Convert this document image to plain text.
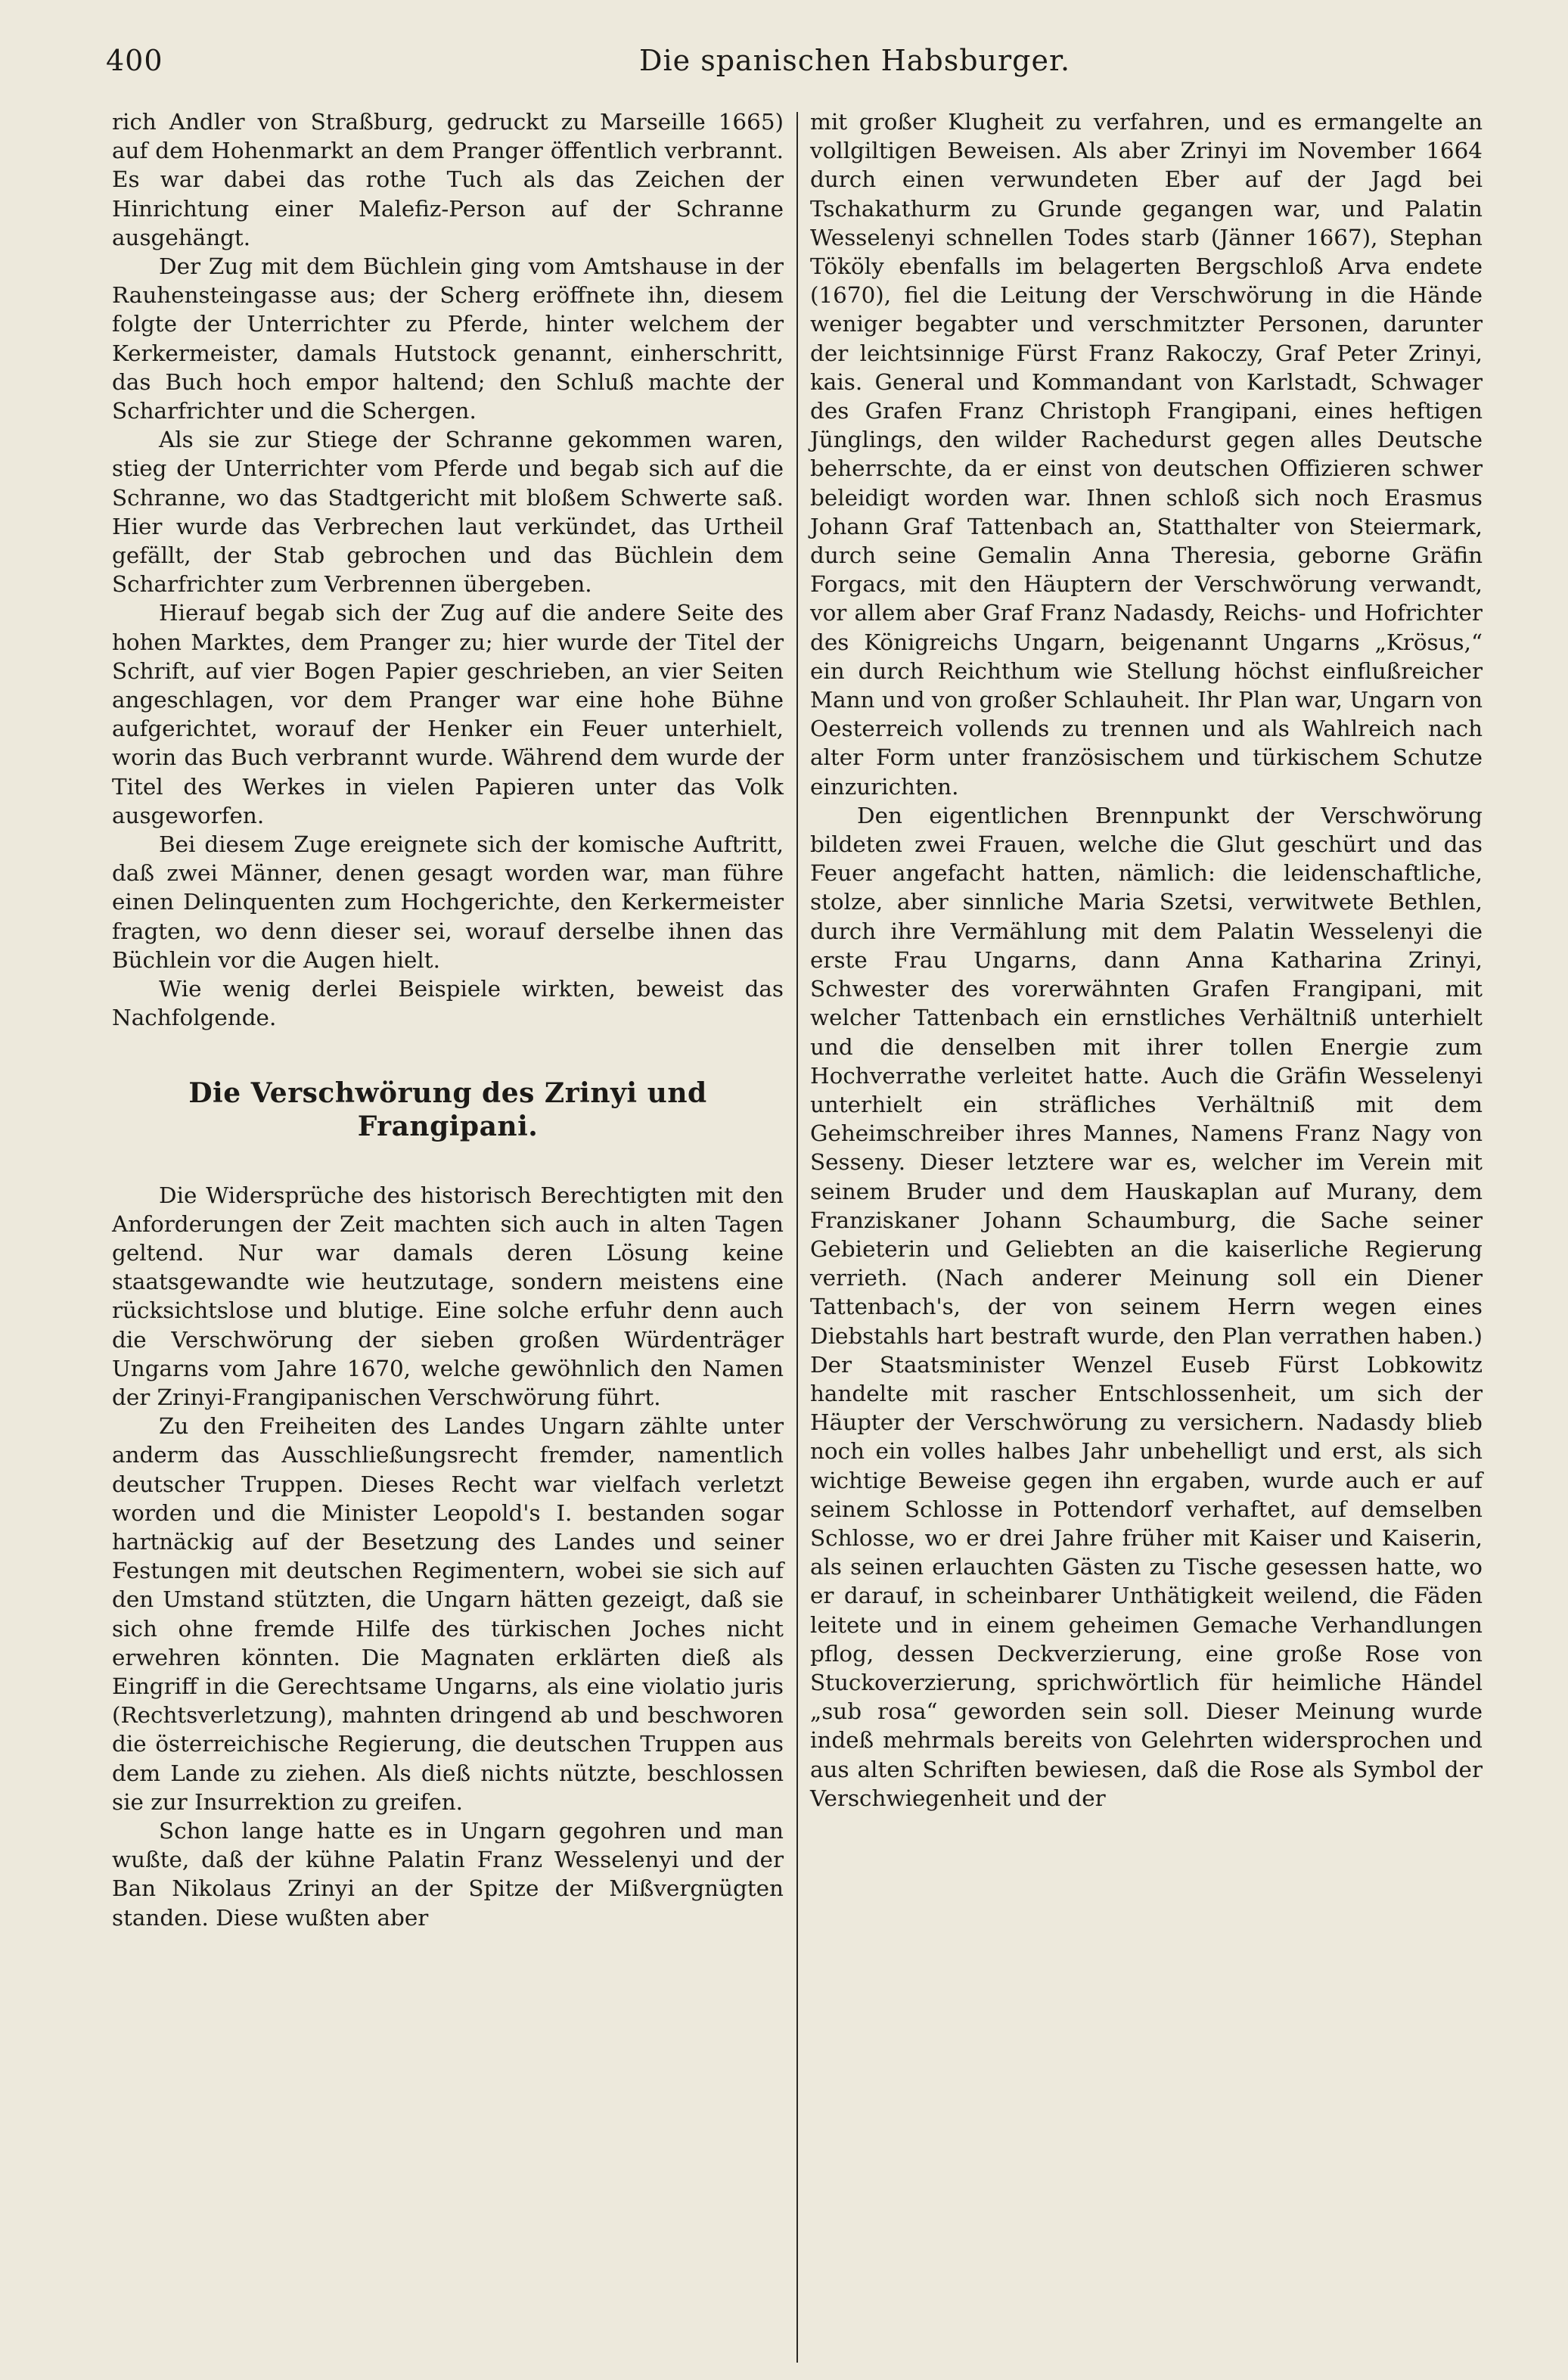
400	Die spanischen Habsburger.

rich Andler von Straßburg, gedruckt zu Marseille 1665) auf dem Hohenmarkt an dem Pranger öffentlich verbrannt. Es war dabei das rothe Tuch als das Zeichen der Hinrichtung einer Malefiz-Person auf der Schranne ausgehängt.

Der Zug mit dem Büchlein ging vom Amtshause in der Rauhensteingasse aus; der Scherg eröffnete ihn, diesem folgte der Unterrichter zu Pferde, hinter welchem der Kerkermeister, damals Hutstock genannt, einherschritt, das Buch hoch empor haltend; den Schluß machte der Scharfrichter und die Schergen.

Als sie zur Stiege der Schranne gekommen waren, stieg der Unterrichter vom Pferde und begab sich auf die Schranne, wo das Stadtgericht mit bloßem Schwerte saß. Hier wurde das Verbrechen laut verkündet, das Urtheil gefällt, der Stab gebrochen und das Büchlein dem Scharfrichter zum Verbrennen übergeben.

Hierauf begab sich der Zug auf die andere Seite des hohen Marktes, dem Pranger zu; hier wurde der Titel der Schrift, auf vier Bogen Papier geschrieben, an vier Seiten angeschlagen, vor dem Pranger war eine hohe Bühne aufgerichtet, worauf der Henker ein Feuer unterhielt, worin das Buch verbrannt wurde. Während dem wurde der Titel des Werkes in vielen Papieren unter das Volk ausgeworfen.

Bei diesem Zuge ereignete sich der komische Auftritt, daß zwei Männer, denen gesagt worden war, man führe einen Delinquenten zum Hochgerichte, den Kerkermeister fragten, wo denn dieser sei, worauf derselbe ihnen das Büchlein vor die Augen hielt.

Wie wenig derlei Beispiele wirkten, beweist das Nachfolgende.

Die Verschwörung des Zrinyi und Frangipani.

Die Widersprüche des historisch Berechtigten mit den Anforderungen der Zeit machten sich auch in alten Tagen geltend. Nur war damals deren Lösung keine staatsgewandte wie heutzutage, sondern meistens eine rücksichtslose und blutige. Eine solche erfuhr denn auch die Verschwörung der sieben großen Würdenträger Ungarns vom Jahre 1670, welche gewöhnlich den Namen der Zrinyi-Frangipanischen Verschwörung führt.

Zu den Freiheiten des Landes Ungarn zählte unter anderm das Ausschließungsrecht fremder, namentlich deutscher Truppen. Dieses Recht war vielfach verletzt worden und die Minister Leopold's I. bestanden sogar hartnäckig auf der Besetzung des Landes und seiner Festungen mit deutschen Regimentern, wobei sie sich auf den Umstand stützten, die Ungarn hätten gezeigt, daß sie sich ohne fremde Hilfe des türkischen Joches nicht erwehren könnten. Die Magnaten erklärten dieß als Eingriff in die Gerechtsame Ungarns, als eine violatio juris (Rechtsverletzung), mahnten dringend ab und beschworen die österreichische Regierung, die deutschen Truppen aus dem Lande zu ziehen. Als dieß nichts nützte, beschlossen sie zur Insurrektion zu greifen.

Schon lange hatte es in Ungarn gegohren und man wußte, daß der kühne Palatin Franz Wesselenyi und der Ban Nikolaus Zrinyi an der Spitze der Mißvergnügten standen. Diese wußten aber

mit großer Klugheit zu verfahren, und es ermangelte an vollgiltigen Beweisen. Als aber Zrinyi im November 1664 durch einen verwundeten Eber auf der Jagd bei Tschakathurm zu Grunde gegangen war, und Palatin Wesselenyi schnellen Todes starb (Jänner 1667), Stephan Tököly ebenfalls im belagerten Bergschloß Arva endete (1670), fiel die Leitung der Verschwörung in die Hände weniger begabter und verschmitzter Personen, darunter der leichtsinnige Fürst Franz Rakoczy, Graf Peter Zrinyi, kais. General und Kommandant von Karlstadt, Schwager des Grafen Franz Christoph Frangipani, eines heftigen Jünglings, den wilder Rachedurst gegen alles Deutsche beherrschte, da er einst von deutschen Offizieren schwer beleidigt worden war. Ihnen schloß sich noch Erasmus Johann Graf Tattenbach an, Statthalter von Steiermark, durch seine Gemalin Anna Theresia, geborne Gräfin Forgacs, mit den Häuptern der Verschwörung verwandt, vor allem aber Graf Franz Nadasdy, Reichs- und Hofrichter des Königreichs Ungarn, beigenannt Ungarns „Krösus,“ ein durch Reichthum wie Stellung höchst einflußreicher Mann und von großer Schlauheit. Ihr Plan war, Ungarn von Oesterreich vollends zu trennen und als Wahlreich nach alter Form unter französischem und türkischem Schutze einzurichten.

Den eigentlichen Brennpunkt der Verschwörung bildeten zwei Frauen, welche die Glut geschürt und das Feuer angefacht hatten, nämlich: die leidenschaftliche, stolze, aber sinnliche Maria Szetsi, verwitwete Bethlen, durch ihre Vermählung mit dem Palatin Wesselenyi die erste Frau Ungarns, dann Anna Katharina Zrinyi, Schwester des vorerwähnten Grafen Frangipani, mit welcher Tattenbach ein ernstliches Verhältniß unterhielt und die denselben mit ihrer tollen Energie zum Hochverrathe verleitet hatte. Auch die Gräfin Wesselenyi unterhielt ein sträfliches Verhältniß mit dem Geheimschreiber ihres Mannes, Namens Franz Nagy von Sesseny. Dieser letztere war es, welcher im Verein mit seinem Bruder und dem Hauskaplan auf Murany, dem Franziskaner Johann Schaumburg, die Sache seiner Gebieterin und Geliebten an die kaiserliche Regierung verrieth. (Nach anderer Meinung soll ein Diener Tattenbach's, der von seinem Herrn wegen eines Diebstahls hart bestraft wurde, den Plan verrathen haben.) Der Staatsminister Wenzel Euseb Fürst Lobkowitz handelte mit rascher Entschlossenheit, um sich der Häupter der Verschwörung zu versichern. Nadasdy blieb noch ein volles halbes Jahr unbehelligt und erst, als sich wichtige Beweise gegen ihn ergaben, wurde auch er auf seinem Schlosse in Pottendorf verhaftet, auf demselben Schlosse, wo er drei Jahre früher mit Kaiser und Kaiserin, als seinen erlauchten Gästen zu Tische gesessen hatte, wo er darauf, in scheinbarer Unthätigkeit weilend, die Fäden leitete und in einem geheimen Gemache Verhandlungen pflog, dessen Deckverzierung, eine große Rose von Stuckoverzierung, sprichwörtlich für heimliche Händel „sub rosa“ geworden sein soll. Dieser Meinung wurde indeß mehrmals bereits von Gelehrten widersprochen und aus alten Schriften bewiesen, daß die Rose als Symbol der Verschwiegenheit und der
